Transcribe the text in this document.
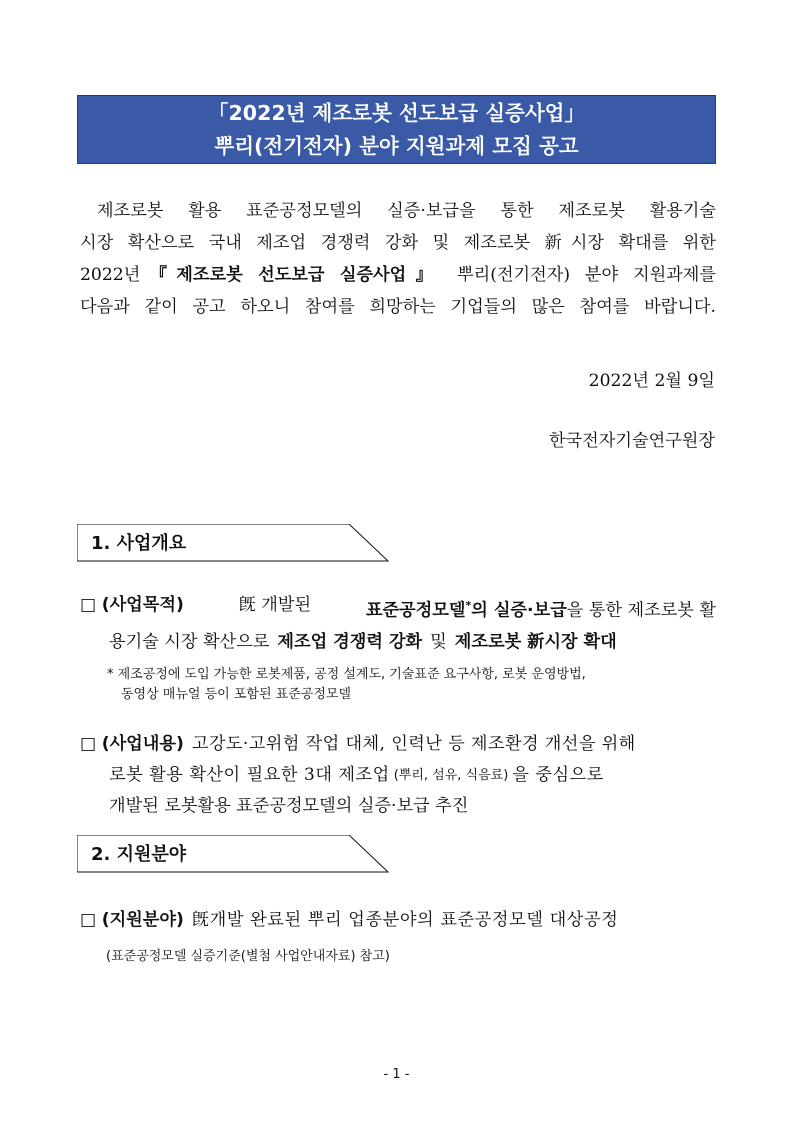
「2022년 제조로봇 선도보급 실증사업」
뿌리(전기전자) 분야 지원과제 모집 공고
제조로봇 활용 표준공정모델의 실증·보급을 통한 제조로봇 활용기술
시장 확산으로 국내 제조업 경쟁력 강화 및 제조로봇 新시장 확대를 위한
2022년『제조로봇 선도보급 실증사업』 뿌리(전기전자) 분야 지원과제를
다음과 같이 공고 하오니 참여를 희망하는 기업들의 많은 참여를 바랍니다.
2022년 2월 9일
한국전자기술연구원장
1. 사업개요
□ (사업목적)	旣 개발된	표준공정모델*의 실증·보급을 통한 제조로봇 활
용기술 시장 확산으로 제조업 경쟁력 강화 및 제조로봇 新시장 확대
* 제조공정에 도입 가능한 로봇제품, 공정 설계도, 기술표준 요구사항, 로봇 운영방법,
동영상 매뉴얼 등이 포함된 표준공정모델
□ (사업내용) 고강도·고위험 작업 대체, 인력난 등 제조환경 개선을 위해
로봇 활용 확산이 필요한 3대 제조업 (뿌리, 섬유, 식음료) 을 중심으로
개발된 로봇활용 표준공정모델의 실증·보급 추진
2. 지원분야
□ (지원분야) 旣개발 완료된 뿌리 업종분야의 표준공정모델 대상공정
(표준공정모델 실증기준(별첨 사업안내자료) 참고)
- 1 -
